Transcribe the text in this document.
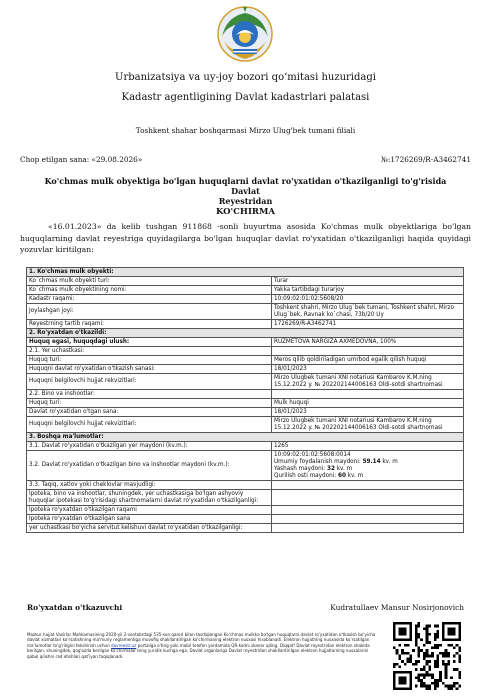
Urbanizatsiya va uy-joy bozori qo‘mitasi huzuridagi
Kadastr agentligining Davlat kadastrlari palatasi
Toshkent shahar boshqarmasi Mirzo Ulug'bek tumani filiali
Chop etilgan sana: «29.08.2026»	№:1726269/R-A3462741
Ko'chmas mulk obyektiga bo'lgan huquqlarni davlat ro'yxatidan o'tkazilganligi to'g'risida Davlat
Reyestridan
KO'CHIRMA
«16.01.2023» da kelib tushgan 911868 -sonli buyurtma asosida Ko'chmas mulk obyektlariga bo'lgan huquqlarning davlat reyestriga quyidagilarga bo'lgan huquqlar davlat ro'yxatidan o'tkazilganligi haqida quyidagi yozuvlar kiritilgan:
1. Ko'chmas mulk obyekti:	
Ko`chmas mulk obyekti turi:	Turar
Ko`chmas mulk obyektining nomi:	Yakka tartibdagi turarjoy
Kadastr raqami:	10:09:02:01:02:5608/20
Joylashgan joyi:	Toshkent shahri, Mirzo Ulug`bek tumani, Toshkent shahri, Mirzo Ulug`bek, Ravnak ko`chasi, 73b/20 Uy
Reyestrning tartib raqami:	1726269/R-A3462741
2. Ro'yxatdan o'tkazildi:	
Huquq egasi, huquqdagi ulush:	RUZMETOVA NARGIZA AXMEDOVNA, 100%
2.1. Yer uchastkasi:	
Huquq turi:	Meros qilib qoldiriladigan umrbod egalik qilish huquqi
Huquqni davlat ro'yxatidan o'tkazish sanasi:	18/01/2023
Huquqni belgilovchi hujjat rekvizitlari:	Mirzo Ulugbek tumani XNI notariusi Kambarov K.M.ning 15.12.2022 y. № 202202144006163 Oldi-sotdi shartnomasi
2.2. Bino va inshootlar:	
Huquq turi:	Mulk huquqi
Davlat ro'yxatidan o'tgan sana:	18/01/2023
Huquqni belgilovchi hujjat rekvizitlari:	Mirzo Ulugbek tumani XNI notariusi Kambarov K.M.ning 15.12.2022 y. № 202202144006163 Oldi-sotdi shartnomasi
3. Boshqa ma'lumotlar:	
3.1. Davlat ro'yxatidan o'tkazilgan yer maydoni (kv.m.):	1265
3.2. Davlat ro'yxatidan o'tkazilgan bino va inshootlar maydoni (kv.m.):	10:09:02:01:02:5608:0014
Umumiy foydalanish maydoni: 59.14 kv. m
Yashash maydoni: 32 kv. m
Qurilish osti maydoni: 60 kv. m

3.3. Taqiq, xatlov yoki cheklovlar mavjudligi:	
Ipoteka, bino va inshootlar, shuningdek, yer uchastkasiga bo'lgan ashyoviy huquqlar ipotekasi to'g'risidagi shartnomalarni davlat ro'yxatidan o'tkazilganligi:	
Ipoteka ro'yxatdan o'tkazilgan raqami	
Ipoteka ro'yxatdan o'tkazilgan sana	
yer uchastkasi bo'yicha servitut kelishuvi davlat ro'yxatidan o'tkazilganligi:	
Ro'yxatdan o'tkazuvchi	Kudratullaev Mansur Nosirjonovich
Mazkur hujjat Vazirlar Mahkamasining 2020-yil 2-sentabrdagi 535-son qarori bilan tasdiqlangan Ko'chmas mulkka bo'lgan huquqlarni davlat ro'yxatidan o'tkazish bo'yicha davlat xizmatlari ko'rsatishning ma'muriy reglamentiga muvofiq shakllantirilgan ko'chirmaning elektron nusxasi hisoblanadi. Elektron hujjatning nusxasida ko'rsatilgan ma'lumotlar to'g'riligini tekshirish uchun davreestr.uz portaliga o'ting yoki mobil telefon yordamida QR-kodni skaner qiling. Diqqat! Davlat reyestridan elektron shaklda berilgan, shuningdek, qog'ozda berilgan ko'chirmalar teng yuridik kuchga ega. Davlat organlariga Davlat reyestridan shakllantirilgan elektron hujjatlarning nusxalarini qabul qilishni rad etishlari qat'iyan taqiqlanadi.
